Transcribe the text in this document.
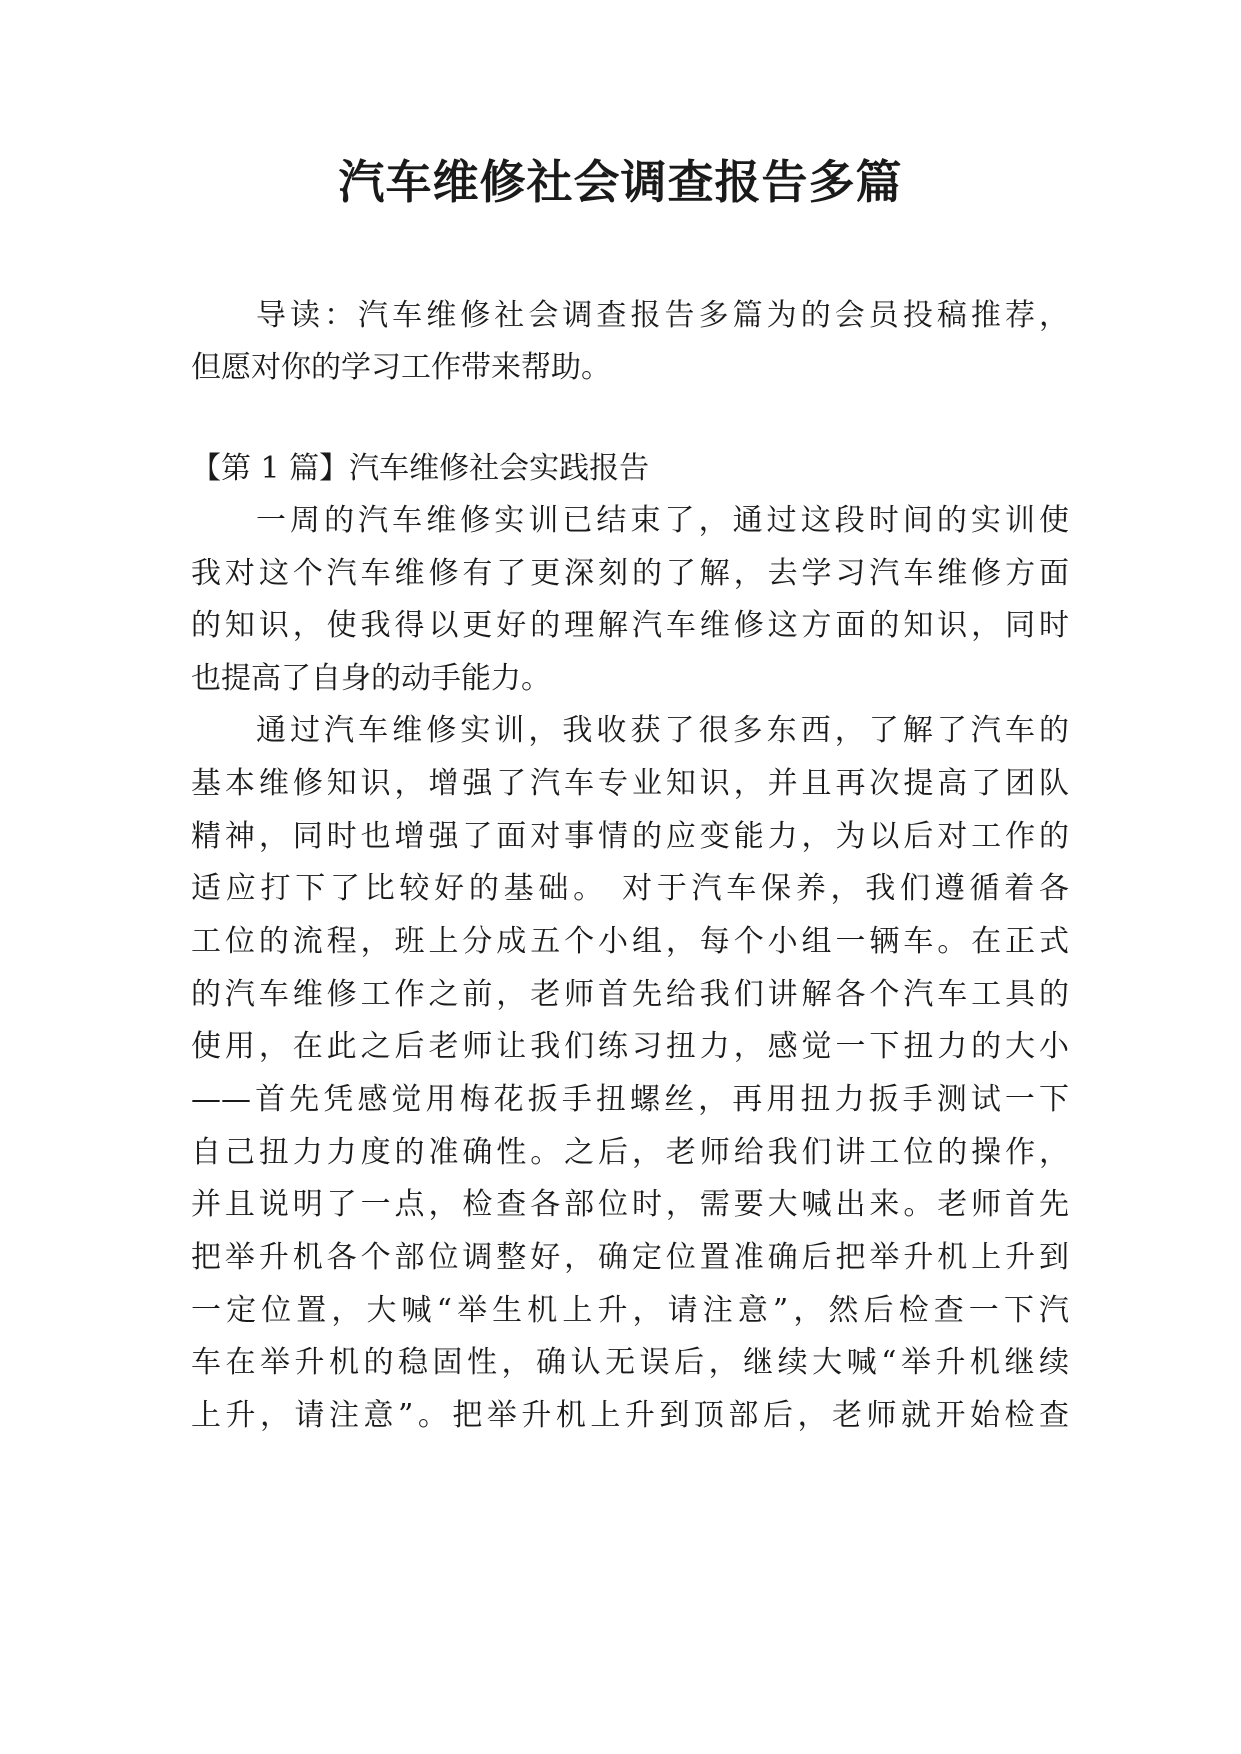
汽车维修社会调查报告多篇
导读：汽车维修社会调查报告多篇为的会员投稿推荐，
但愿对你的学习工作带来帮助。
【第 1 篇】汽车维修社会实践报告
一周的汽车维修实训已结束了，通过这段时间的实训使
我对这个汽车维修有了更深刻的了解，去学习汽车维修方面
的知识，使我得以更好的理解汽车维修这方面的知识，同时
也提高了自身的动手能力。
通过汽车维修实训，我收获了很多东西，了解了汽车的
基本维修知识，增强了汽车专业知识，并且再次提高了团队
精神，同时也增强了面对事情的应变能力，为以后对工作的
适应打下了比较好的基础。 对于汽车保养，我们遵循着各
工位的流程，班上分成五个小组，每个小组一辆车。在正式
的汽车维修工作之前，老师首先给我们讲解各个汽车工具的
使用，在此之后老师让我们练习扭力，感觉一下扭力的大小
——首先凭感觉用梅花扳手扭螺丝，再用扭力扳手测试一下
自己扭力力度的准确性。之后，老师给我们讲工位的操作，
并且说明了一点，检查各部位时，需要大喊出来。老师首先
把举升机各个部位调整好，确定位置准确后把举升机上升到
一定位置，大喊“举生机上升，请注意”，然后检查一下汽
车在举升机的稳固性，确认无误后，继续大喊“举升机继续
上升，请注意”。把举升机上升到顶部后，老师就开始检查
